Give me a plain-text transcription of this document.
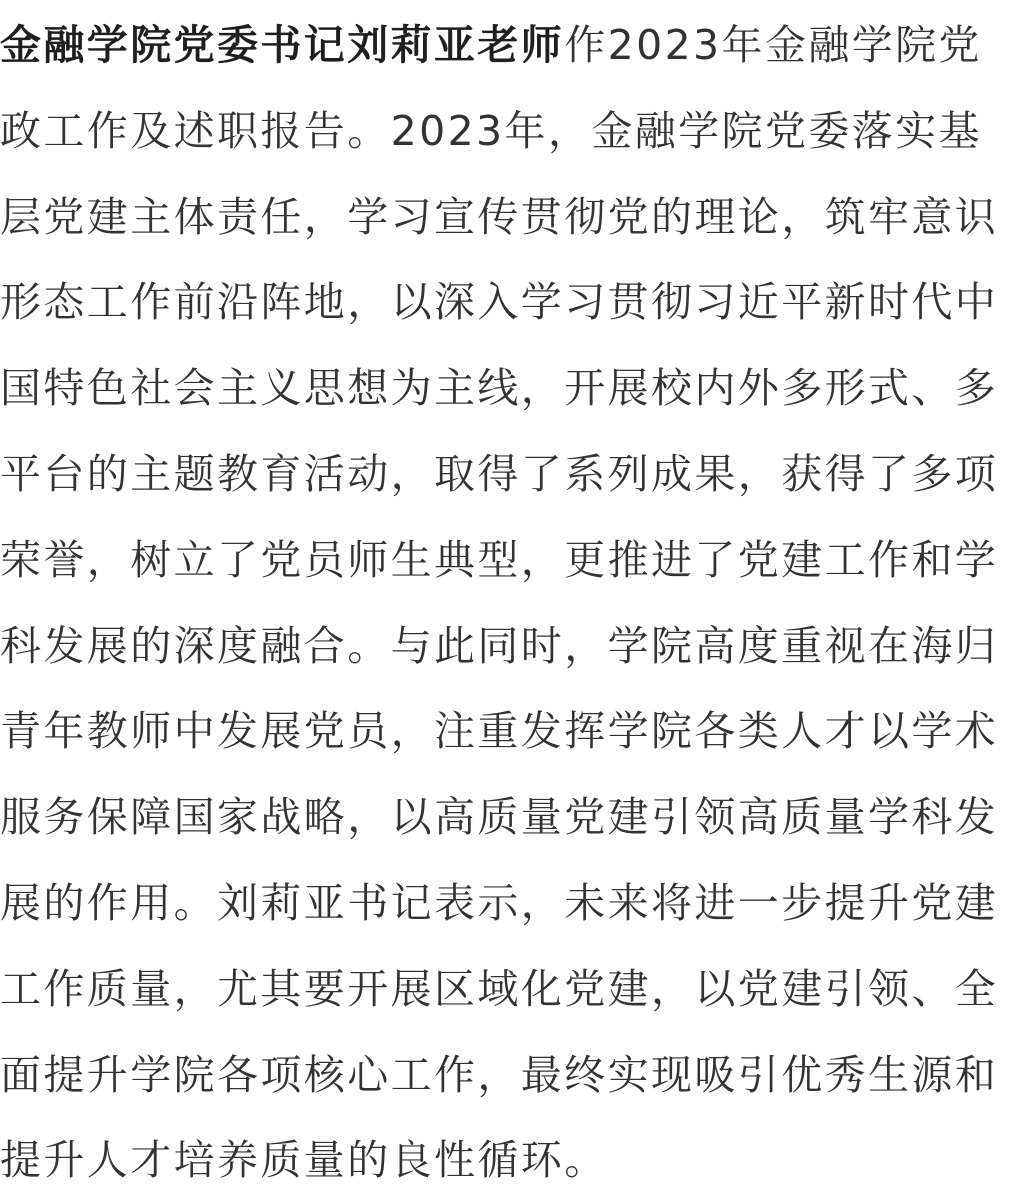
金融学院党委书记刘莉亚老师作2023年金融学院党

政工作及述职报告。2023年，金融学院党委落实基

层党建主体责任，学习宣传贯彻党的理论，筑牢意识

形态工作前沿阵地，以深入学习贯彻习近平新时代中

国特色社会主义思想为主线，开展校内外多形式、多

平台的主题教育活动，取得了系列成果，获得了多项

荣誉，树立了党员师生典型，更推进了党建工作和学

科发展的深度融合。与此同时，学院高度重视在海归

青年教师中发展党员，注重发挥学院各类人才以学术

服务保障国家战略，以高质量党建引领高质量学科发

展的作用。刘莉亚书记表示，未来将进一步提升党建

工作质量，尤其要开展区域化党建，以党建引领、全

面提升学院各项核心工作，最终实现吸引优秀生源和

提升人才培养质量的良性循环。
